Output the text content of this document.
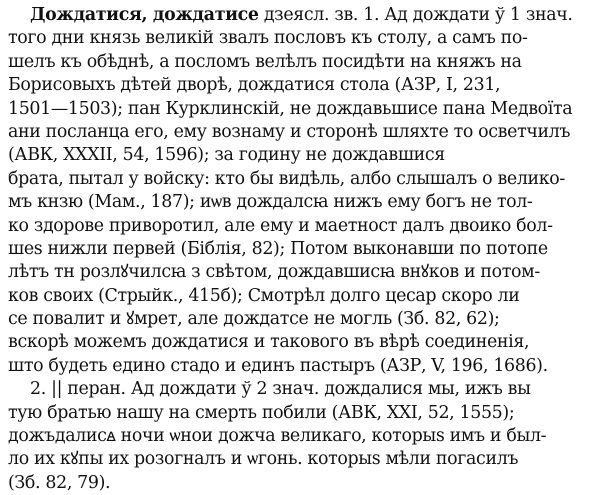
Дождатися, дождатисе дзеясл. зв. 1. Ад дождати ў 1 знач.
того дни князь великій звалъ пословъ къ столу, а самъ по-
шелъ къ обѣднѣ, а посломъ велѣлъ посидѣти на княжъ на
Борисовыхъ дѣтей дворѣ, дождатися стола (АЗР, I, 231,
1501—1503); пан Курклинскій, не дождавьшисе пана Медвоїта
ани посланца его, ему вознаму и сторонѣ шляхте то осветчилъ
(АВК, XXXII, 54, 1596); за годину не дождавшися
брата, пытал у войску: кто бы видѣль, албо слышалъ о велико-
мъ кнзю (Мам., 187); иѡв дождалсꙗ нижъ ему богъ не тол-
ко здорове приворотил, але ему и маетност далъ двоико бол-
шеѕ нижли первей (Біблія, 82); Потом выконавши по потопе
лѣтъ тн розлꙋчилсꙗ з свѣтом, дождавшисꙗ внꙋков и потом-
ков своих (Стрыйк., 415б); Смотрѣл долго цесар скоро ли
се повалит и ꙋмрет, але дождатсе не могль (Зб. 82, 62);
вскорѣ можемъ дождатися и такового въ вѣрѣ соединенія,
што будеть едино стадо и единъ пастыръ (АЗР, V, 196, 1686).
2. || перан. Ад дождати ў 2 знач. дождалися мы, ижъ вы
тую братью нашу на смерть побили (АВК, XXI, 52, 1555);
дожъдалисꙙ ночи ѡнои дожча великаго, которыѕ имъ и был-
ло их кꙋпы их розогналъ и ѡгонь. которыѕ мѣли погасилъ
(Зб. 82, 79).
